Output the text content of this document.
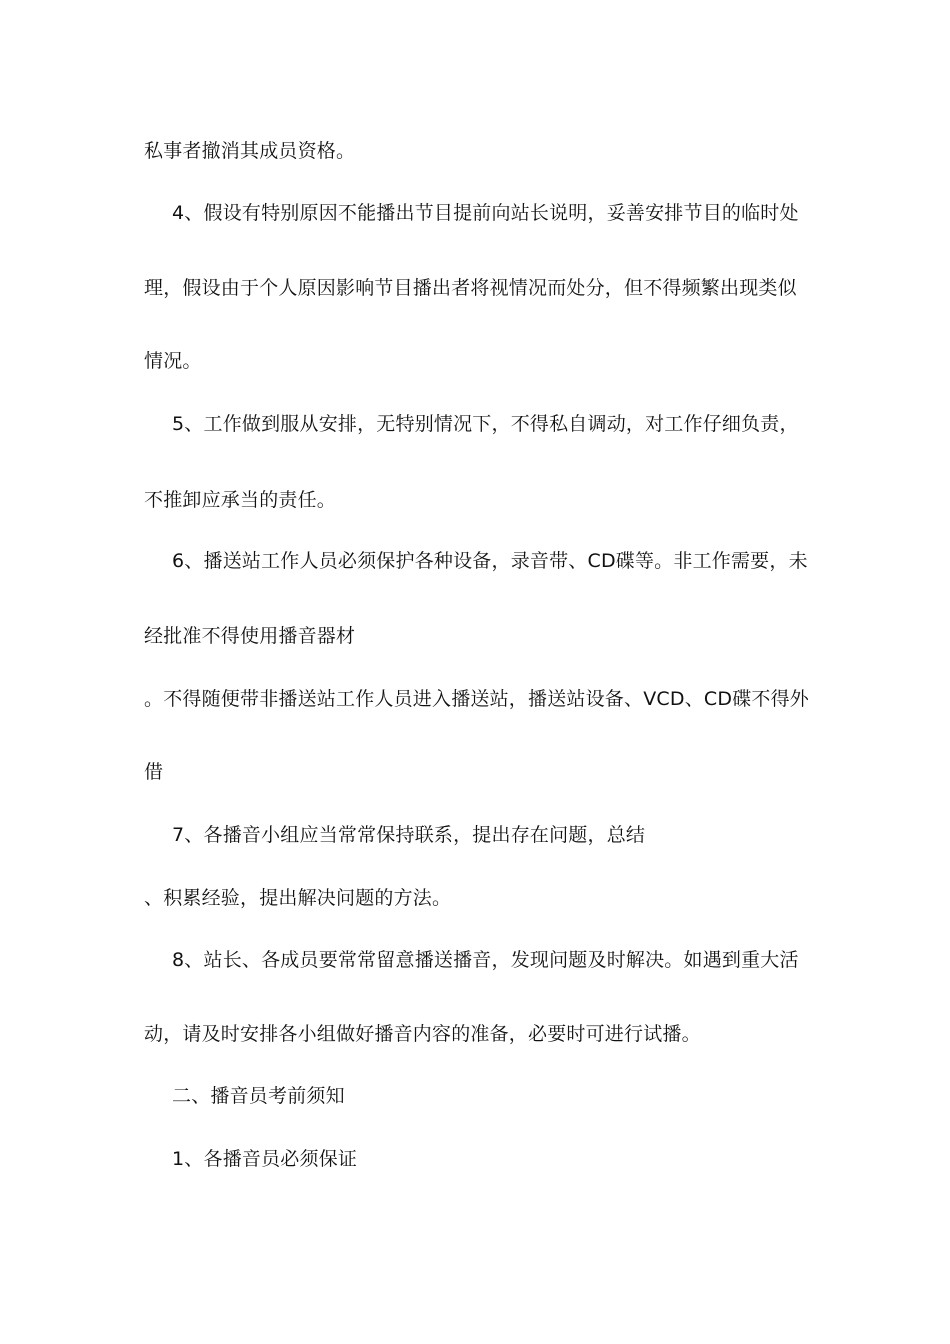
私事者撤消其成员资格。
4、假设有特别原因不能播出节目提前向站长说明，妥善安排节目的临时处
理，假设由于个人原因影响节目播出者将视情况而处分，但不得频繁出现类似
情况。
5、工作做到服从安排，无特别情况下，不得私自调动，对工作仔细负责，
不推卸应承当的责任。
6、播送站工作人员必须保护各种设备，录音带、CD碟等。非工作需要，未
经批准不得使用播音器材
。不得随便带非播送站工作人员进入播送站，播送站设备、VCD、CD碟不得外
借
7、各播音小组应当常常保持联系，提出存在问题，总结
、积累经验，提出解决问题的方法。
8、站长、各成员要常常留意播送播音，发现问题及时解决。如遇到重大活
动，请及时安排各小组做好播音内容的准备，必要时可进行试播。
二、播音员考前须知
1、各播音员必须保证
